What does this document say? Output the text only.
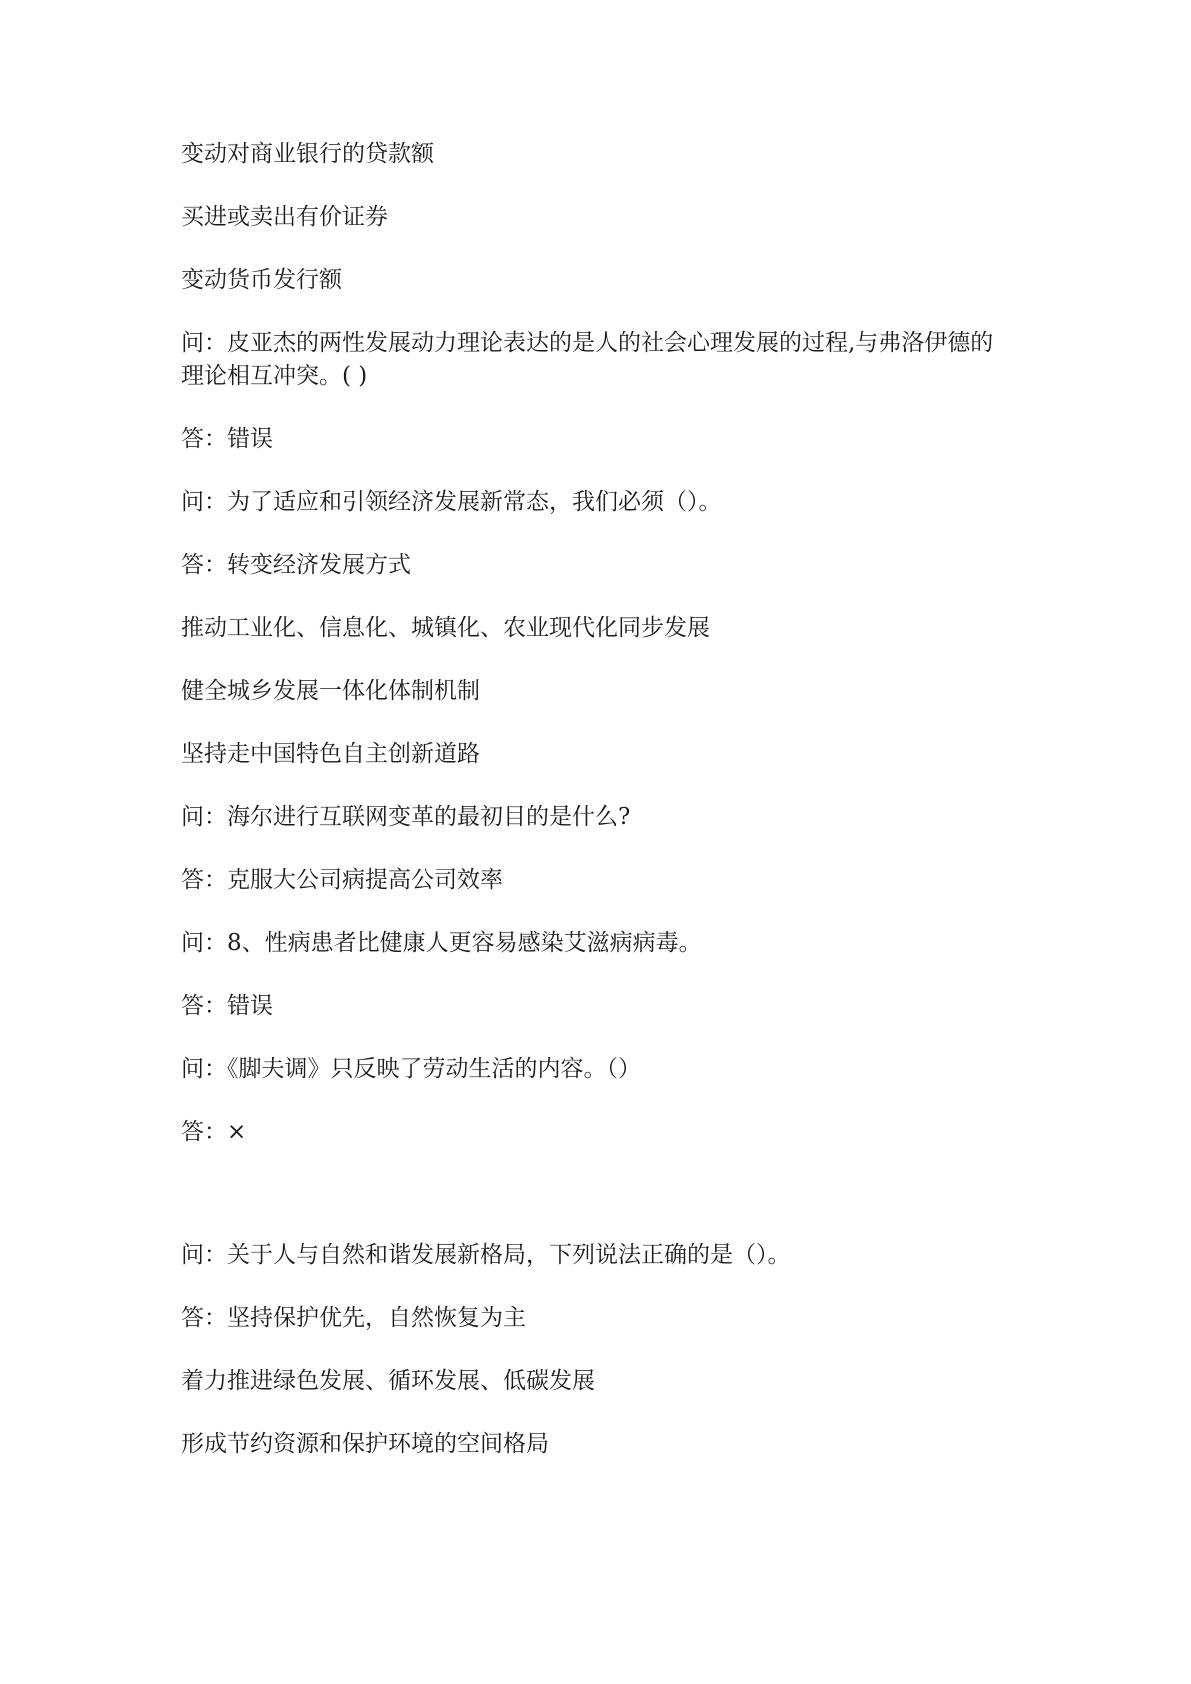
变动对商业银行的贷款额

买进或卖出有价证券

变动货币发行额

问：皮亚杰的两性发展动力理论表达的是人的社会心理发展的过程,与弗洛伊德的理论相互冲突。( )

答：错误

问：为了适应和引领经济发展新常态，我们必须（）。

答：转变经济发展方式

推动工业化、信息化、城镇化、农业现代化同步发展

健全城乡发展一体化体制机制

坚持走中国特色自主创新道路

问：海尔进行互联网变革的最初目的是什么?

答：克服大公司病提高公司效率

问：8、性病患者比健康人更容易感染艾滋病病毒。

答：错误

问：《脚夫调》只反映了劳动生活的内容。（）

答：×

问：关于人与自然和谐发展新格局，下列说法正确的是（）。

答：坚持保护优先，自然恢复为主

着力推进绿色发展、循环发展、低碳发展

形成节约资源和保护环境的空间格局
